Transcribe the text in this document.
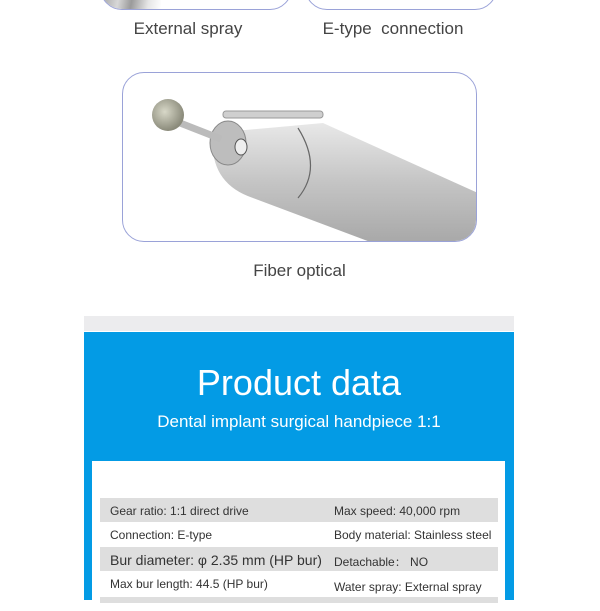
External spray	E-type  connection
Fiber optical
Product data
Dental implant surgical handpiece 1:1
Gear ratio: 1:1 direct drive	Max speed: 40,000 rpm
Connection: E-type	Body material: Stainless steel
Bur diameter: φ 2.35 mm (HP bur) Detachable： NO
Max bur length: 44.5 (HP bur)	Water spray: External spray
